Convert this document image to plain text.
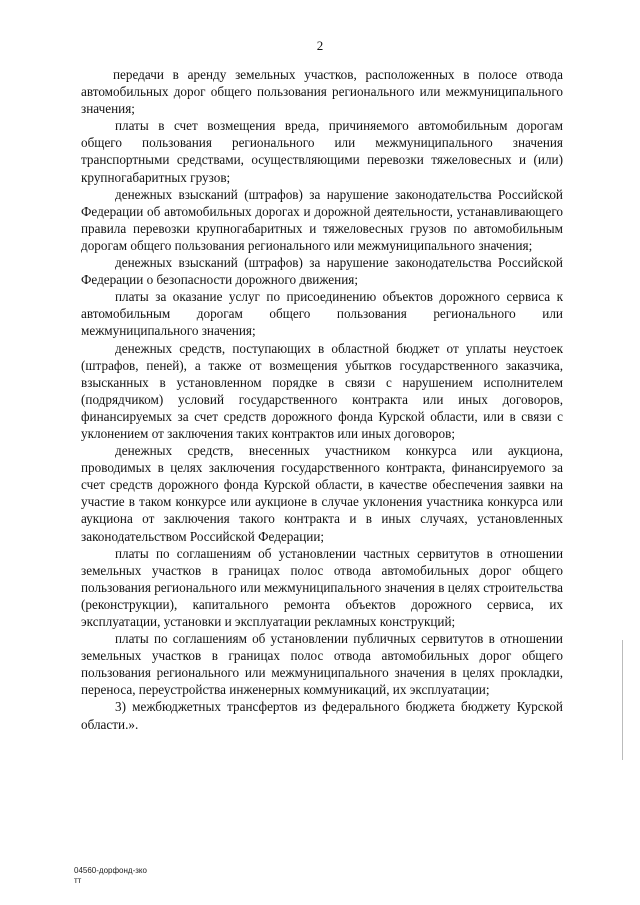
2

передачи в аренду земельных участков, расположенных в полосе отвода автомобильных дорог общего пользования регионального или межмуниципального значения;

платы в счет возмещения вреда, причиняемого автомобильным дорогам общего пользования регионального или межмуниципального значения транспортными средствами, осуществляющими перевозки тяжеловесных и (или) крупногабаритных грузов;

денежных взысканий (штрафов) за нарушение законодательства Российской Федерации об автомобильных дорогах и дорожной деятельности, устанавливающего правила перевозки крупногабаритных и тяжеловесных грузов по автомобильным дорогам общего пользования регионального или межмуниципального значения;

денежных взысканий (штрафов) за нарушение законодательства Российской Федерации о безопасности дорожного движения;

платы за оказание услуг по присоединению объектов дорожного сервиса к автомобильным дорогам общего пользования регионального или межмуниципального значения;

денежных средств, поступающих в областной бюджет от уплаты неустоек (штрафов, пеней), а также от возмещения убытков государственного заказчика, взысканных в установленном порядке в связи с нарушением исполнителем (подрядчиком) условий государственного контракта или иных договоров, финансируемых за счет средств дорожного фонда Курской области, или в связи с уклонением от заключения таких контрактов или иных договоров;

денежных средств, внесенных участником конкурса или аукциона, проводимых в целях заключения государственного контракта, финансируемого за счет средств дорожного фонда Курской области, в качестве обеспечения заявки на участие в таком конкурсе или аукционе в случае уклонения участника конкурса или аукциона от заключения такого контракта и в иных случаях, установленных законодательством Российской Федерации;

платы по соглашениям об установлении частных сервитутов в отношении земельных участков в границах полос отвода автомобильных дорог общего пользования регионального или межмуниципального значения в целях строительства (реконструкции), капитального ремонта объектов дорожного сервиса, их эксплуатации, установки и эксплуатации рекламных конструкций;

платы по соглашениям об установлении публичных сервитутов в отношении земельных участков в границах полос отвода автомобильных дорог общего пользования регионального или межмуниципального значения в целях прокладки, переноса, переустройства инженерных коммуникаций, их эксплуатации;

3) межбюджетных трансфертов из федерального бюджета бюджету Курской области.».

04560-дорфонд-зко
тт
